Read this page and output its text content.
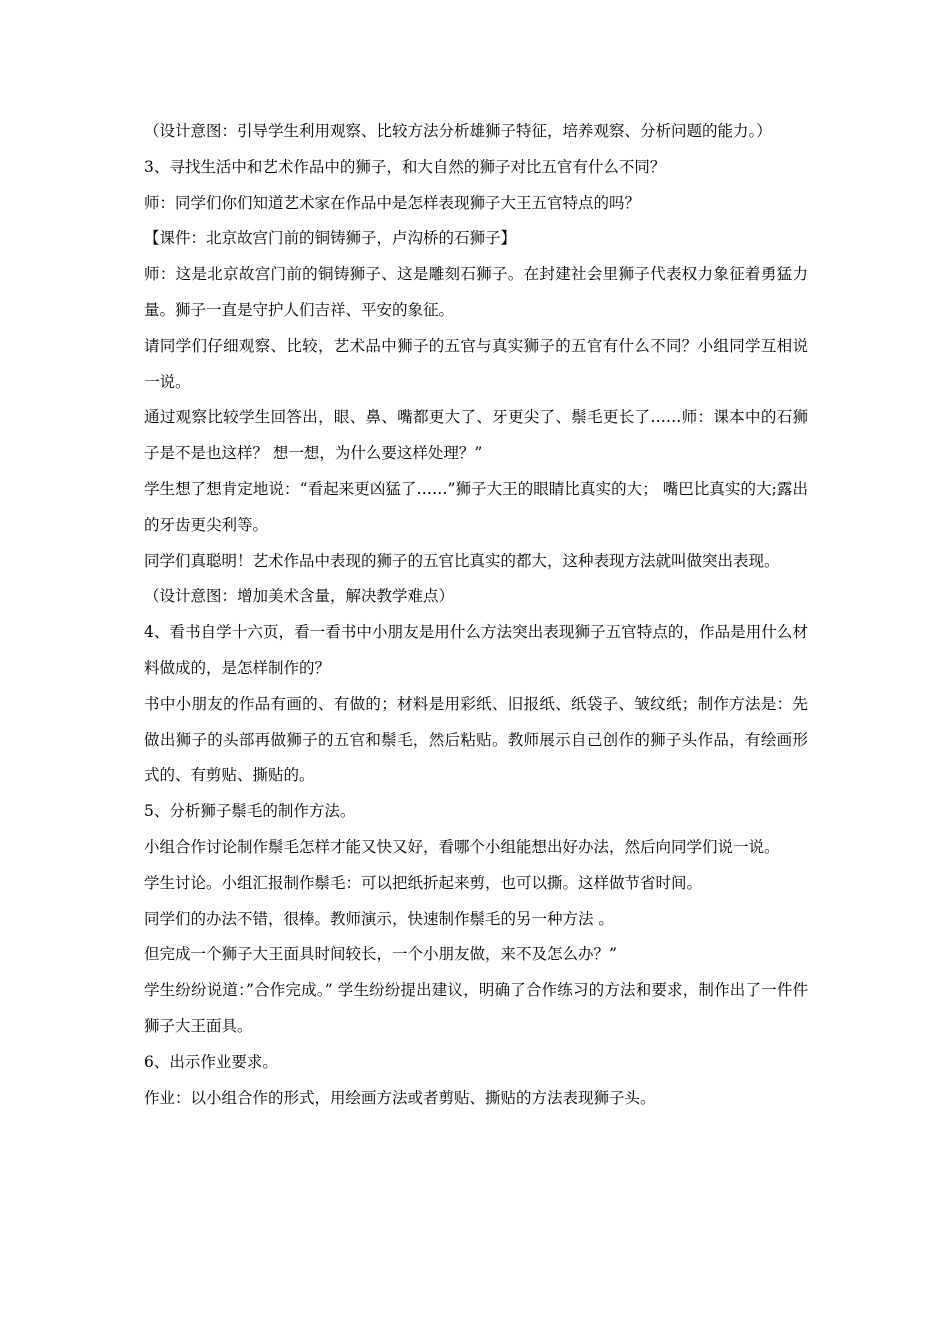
（设计意图：引导学生利用观察、比较方法分析雄狮子特征，培养观察、分析问题的能力。）

3、寻找生活中和艺术作品中的狮子，和大自然的狮子对比五官有什么不同？

师：同学们你们知道艺术家在作品中是怎样表现狮子大王五官特点的吗？

【课件：北京故宫门前的铜铸狮子，卢沟桥的石狮子】

师：这是北京故宫门前的铜铸狮子、这是雕刻石狮子。在封建社会里狮子代表权力象征着勇猛力量。狮子一直是守护人们吉祥、平安的象征。

请同学们仔细观察、比较，艺术品中狮子的五官与真实狮子的五官有什么不同？小组同学互相说一说。

通过观察比较学生回答出，眼、鼻、嘴都更大了、牙更尖了、鬃毛更长了……师：课本中的石狮子是不是也这样？ 想一想，为什么要这样处理？”

学生想了想肯定地说：“看起来更凶猛了……”狮子大王的眼睛比真实的大； 嘴巴比真实的大;露出的牙齿更尖利等。

同学们真聪明！艺术作品中表现的狮子的五官比真实的都大，这种表现方法就叫做突出表现。

（设计意图：增加美术含量，解决教学难点）

4、看书自学十六页，看一看书中小朋友是用什么方法突出表现狮子五官特点的，作品是用什么材料做成的，是怎样制作的？

书中小朋友的作品有画的、有做的；材料是用彩纸、旧报纸、纸袋子、皱纹纸；制作方法是：先做出狮子的头部再做狮子的五官和鬃毛，然后粘贴。教师展示自己创作的狮子头作品，有绘画形式的、有剪贴、撕贴的。

5、分析狮子鬃毛的制作方法。

小组合作讨论制作鬃毛怎样才能又快又好，看哪个小组能想出好办法，然后向同学们说一说。

学生讨论。小组汇报制作鬃毛：可以把纸折起来剪，也可以撕。这样做节省时间。

同学们的办法不错，很棒。教师演示，快速制作鬃毛的另一种方法 。

但完成一个狮子大王面具时间较长，一个小朋友做，来不及怎么办？”

学生纷纷说道：”合作完成。” 学生纷纷提出建议，明确了合作练习的方法和要求，制作出了一件件狮子大王面具。

6、出示作业要求。

作业：以小组合作的形式，用绘画方法或者剪贴、撕贴的方法表现狮子头。
